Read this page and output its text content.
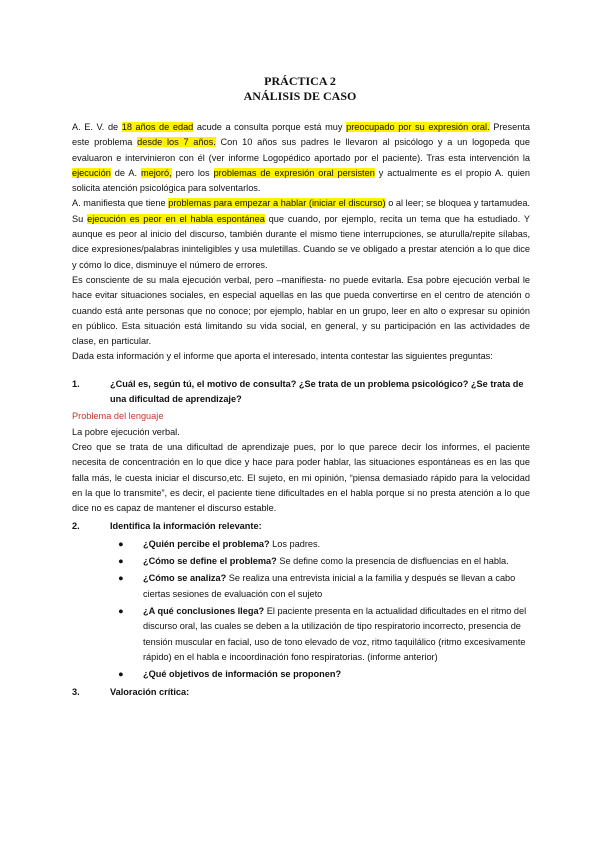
PRÁCTICA 2
ANÁLISIS DE CASO

A. E. V. de 18 años de edad acude a consulta porque está muy preocupado por su expresión oral. Presenta este problema desde los 7 años. Con 10 años sus padres le llevaron al psicólogo y a un logopeda que evaluaron e intervinieron con él (ver informe Logopédico aportado por el paciente). Tras esta intervención la ejecución de A. mejoró, pero los problemas de expresión oral persisten y actualmente es el propio A. quien solicita atención psicológica para solventarlos.

A. manifiesta que tiene problemas para empezar a hablar (iniciar el discurso) o al leer; se bloquea y tartamudea. Su ejecución es peor en el habla espontánea que cuando, por ejemplo, recita un tema que ha estudiado. Y aunque es peor al inicio del discurso, también durante el mismo tiene interrupciones, se aturulla/repite sílabas, dice expresiones/palabras ininteligibles y usa muletillas. Cuando se ve obligado a prestar atención a lo que dice y cómo lo dice, disminuye el número de errores.

Es consciente de su mala ejecución verbal, pero –manifiesta- no puede evitarla. Esa pobre ejecución verbal le hace evitar situaciones sociales, en especial aquellas en las que pueda convertirse en el centro de atención o cuando está ante personas que no conoce; por ejemplo, hablar en un grupo, leer en alto o expresar su opinión en público. Esta situación está limitando su vida social, en general, y su participación en las actividades de clase, en particular.

Dada esta información y el informe que aporta el interesado, intenta contestar las siguientes preguntas:

1.	¿Cuál es, según tú, el motivo de consulta? ¿Se trata de un problema psicológico? ¿Se trata de una dificultad de aprendizaje?

Problema del lenguaje

La pobre ejecución verbal.

Creo que se trata de una dificultad de aprendizaje pues, por lo que parece decir los informes, el paciente necesita de concentración en lo que dice y hace para poder hablar, las situaciones espontáneas es en las que falla más, le cuesta iniciar el discurso,etc. El sujeto, en mi opinión, “piensa demasiado rápido para la velocidad en la que lo transmite”, es decir, el paciente tiene dificultades en el habla porque si no presta atención a lo que dice no es capaz de mantener el discurso estable.

2.	Identifica la información relevante:
● ¿Quién percibe el problema? Los padres.
● ¿Cómo se define el problema? Se define como la presencia de disfluencias en el habla.
● ¿Cómo se analiza? Se realiza una entrevista inicial a la familia y después se llevan a cabo ciertas sesiones de evaluación con el sujeto
● ¿A qué conclusiones llega? El paciente presenta en la actualidad dificultades en el ritmo del discurso oral, las cuales se deben a la utilización de tipo respiratorio incorrecto, presencia de tensión muscular en facial, uso de tono elevado de voz, ritmo taquilálico (ritmo excesivamente rápido) en el habla e incoordinación fono respiratorias. (informe anterior)
● ¿Qué objetivos de información se proponen?
3.	Valoración crítica:
